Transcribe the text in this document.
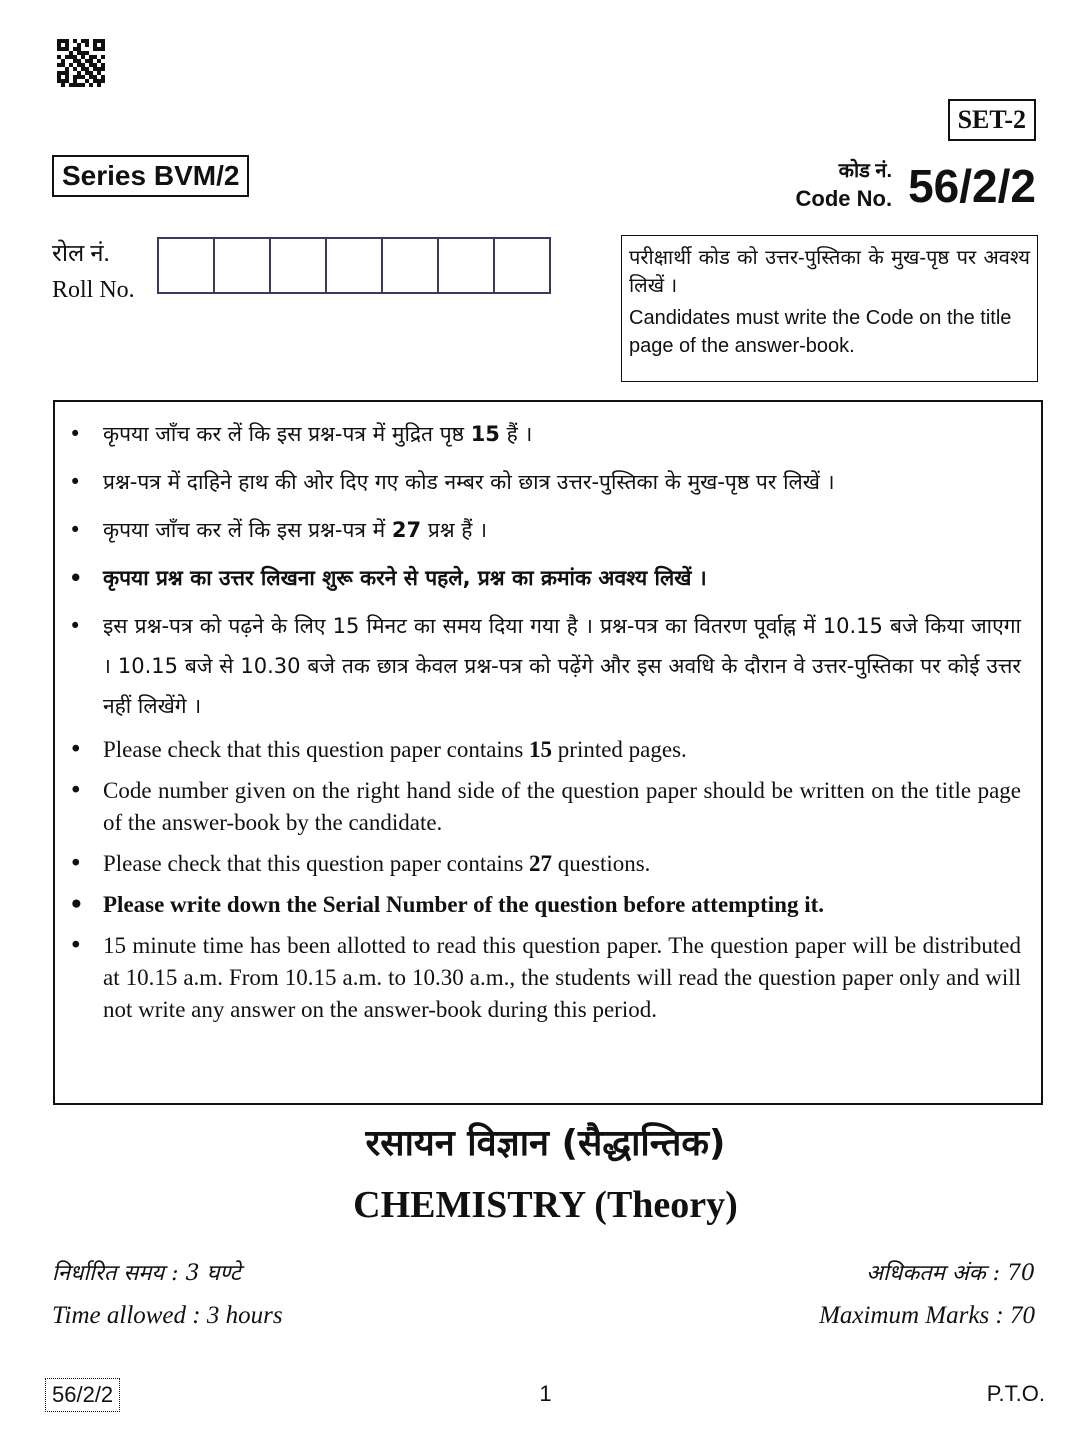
SET-2
Series BVM/2	कोड नं.
Code No. 56/2/2
रोल नं.
Roll No.
परीक्षार्थी कोड को उत्तर-पुस्तिका के मुख-पृष्ठ पर अवश्य लिखें ।
Candidates must write the Code on the title page of the answer-book.
• कृपया जाँच कर लें कि इस प्रश्न-पत्र में मुद्रित पृष्ठ 15 हैं ।
• प्रश्न-पत्र में दाहिने हाथ की ओर दिए गए कोड नम्बर को छात्र उत्तर-पुस्तिका के मुख-पृष्ठ पर लिखें ।
• कृपया जाँच कर लें कि इस प्रश्न-पत्र में 27 प्रश्न हैं ।
• कृपया प्रश्न का उत्तर लिखना शुरू करने से पहले, प्रश्न का क्रमांक अवश्य लिखें ।
• इस प्रश्न-पत्र को पढ़ने के लिए 15 मिनट का समय दिया गया है । प्रश्न-पत्र का वितरण पूर्वाह्न में 10.15 बजे किया जाएगा । 10.15 बजे से 10.30 बजे तक छात्र केवल प्रश्न-पत्र को पढ़ेंगे और इस अवधि के दौरान वे उत्तर-पुस्तिका पर कोई उत्तर नहीं लिखेंगे ।
• Please check that this question paper contains 15 printed pages.
• Code number given on the right hand side of the question paper should be written on the title page of the answer-book by the candidate.
• Please check that this question paper contains 27 questions.
• Please write down the Serial Number of the question before attempting it.
• 15 minute time has been allotted to read this question paper. The question paper will be distributed at 10.15 a.m. From 10.15 a.m. to 10.30 a.m., the students will read the question paper only and will not write any answer on the answer-book during this period.
रसायन विज्ञान (सैद्धान्तिक)
CHEMISTRY (Theory)
निर्धारित समय : 3 घण्टे
Time allowed : 3 hours
अधिकतम अंक : 70
Maximum Marks : 70
56/2/2	1	P.T.O.
